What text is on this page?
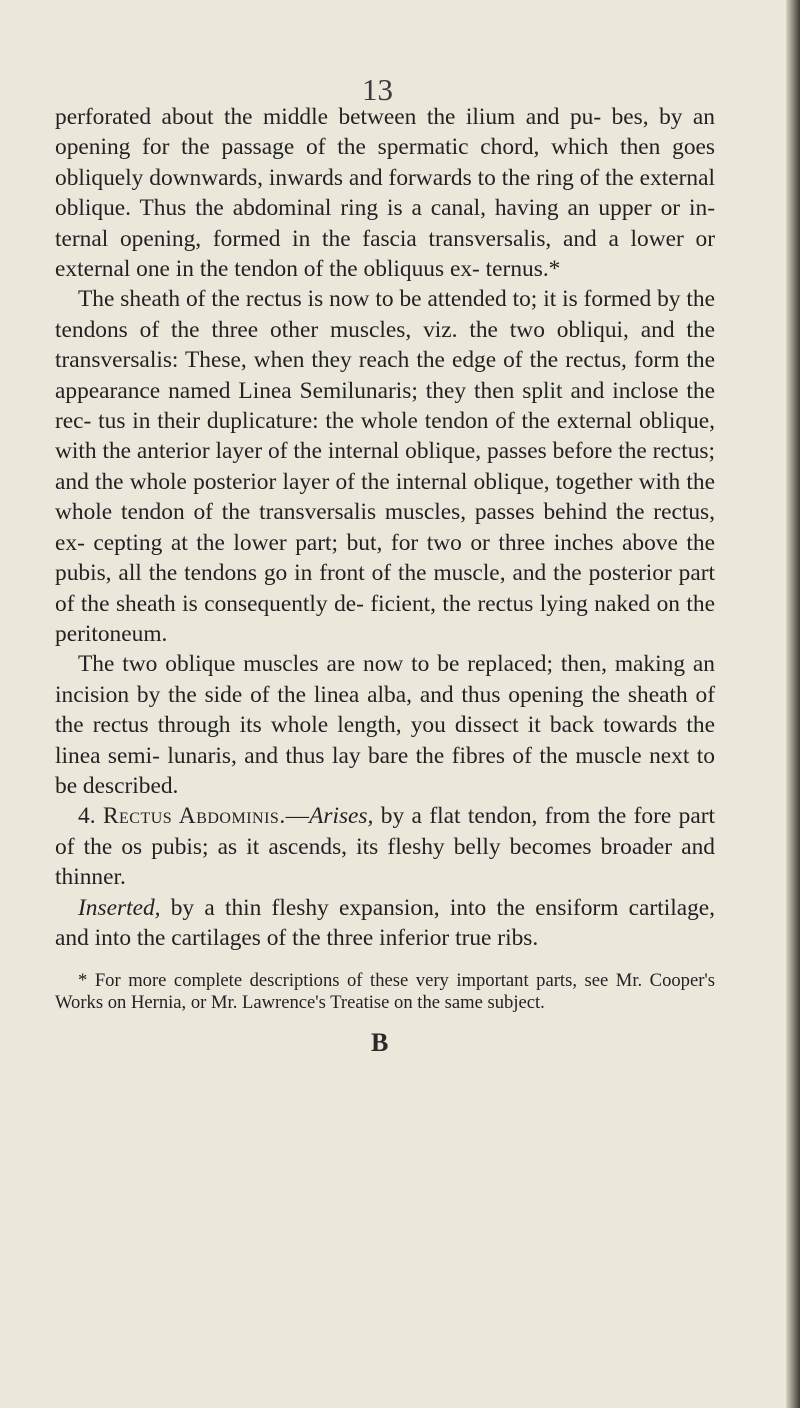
13

perforated about the middle between the ilium and pu- bes, by an opening for the passage of the spermatic chord, which then goes obliquely downwards, inwards and forwards to the ring of the external oblique. Thus the abdominal ring is a canal, having an upper or in- ternal opening, formed in the fascia transversalis, and a lower or external one in the tendon of the obliquus ex- ternus.*

The sheath of the rectus is now to be attended to; it is formed by the tendons of the three other muscles, viz. the two obliqui, and the transversalis: These, when they reach the edge of the rectus, form the appearance named Linea Semilunaris; they then split and inclose the rec- tus in their duplicature: the whole tendon of the external oblique, with the anterior layer of the internal oblique, passes before the rectus; and the whole posterior layer of the internal oblique, together with the whole tendon of the transversalis muscles, passes behind the rectus, ex- cepting at the lower part; but, for two or three inches above the pubis, all the tendons go in front of the muscle, and the posterior part of the sheath is consequently de- ficient, the rectus lying naked on the peritoneum.

The two oblique muscles are now to be replaced; then, making an incision by the side of the linea alba, and thus opening the sheath of the rectus through its whole length, you dissect it back towards the linea semi- lunaris, and thus lay bare the fibres of the muscle next to be described.

4. Rectus Abdominis.—Arises, by a flat tendon, from the fore part of the os pubis; as it ascends, its fleshy belly becomes broader and thinner.

Inserted, by a thin fleshy expansion, into the ensiform cartilage, and into the cartilages of the three inferior true ribs.

* For more complete descriptions of these very important parts, see Mr. Cooper's Works on Hernia, or Mr. Lawrence's Treatise on the same subject.

B
